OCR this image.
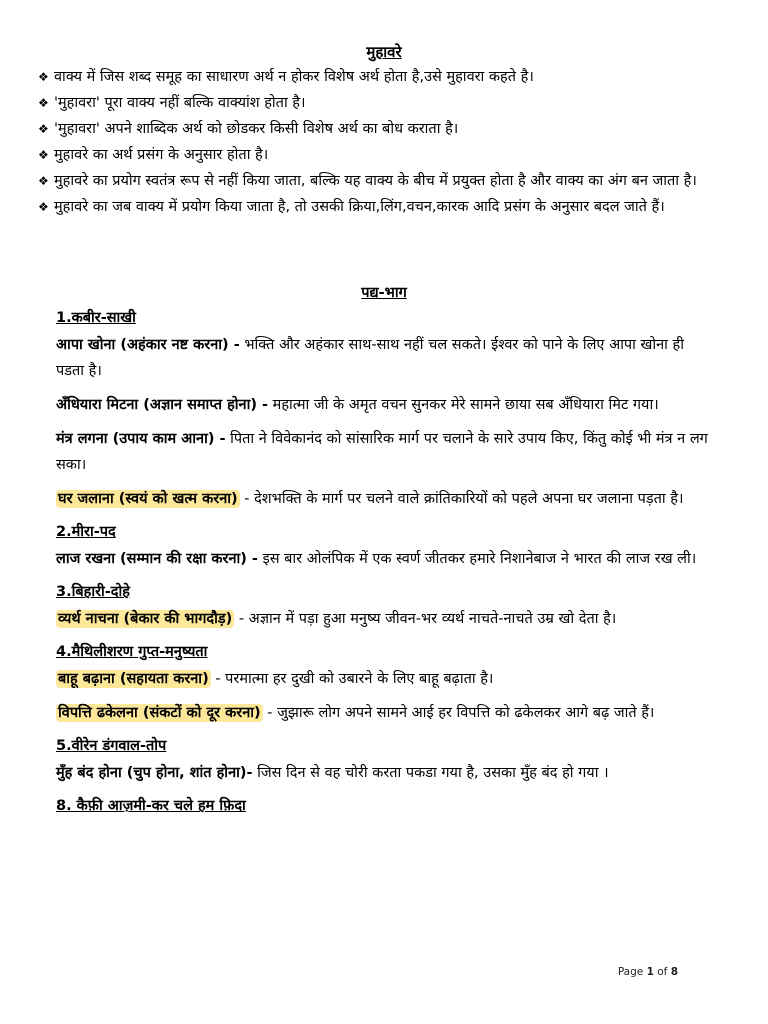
मुहावरे
❖ वाक्य में जिस शब्द समूह का साधारण अर्थ न होकर विशेष अर्थ होता है,उसे मुहावरा कहते है।
❖ 'मुहावरा' पूरा वाक्य नहीं बल्कि वाक्यांश होता है।
❖ 'मुहावरा' अपने शाब्दिक अर्थ को छोडकर किसी विशेष अर्थ का बोध कराता है।
❖ मुहावरे का अर्थ प्रसंग के अनुसार होता है।
❖ मुहावरे का प्रयोग स्वतंत्र रूप से नहीं किया जाता, बल्कि यह वाक्य के बीच में प्रयुक्त होता है और वाक्य का अंग बन जाता है।
❖ मुहावरे का जब वाक्य में प्रयोग किया जाता है, तो उसकी क्रिया,लिंग,वचन,कारक आदि प्रसंग के अनुसार बदल जाते हैं।
पद्य-भाग
1.कबीर-साखी
आपा खोना (अहंकार नष्ट करना) - भक्ति और अहंकार साथ-साथ नहीं चल सकते। ईश्वर को पाने के लिए आपा खोना ही पडता है।
अँधियारा मिटना (अज्ञान समाप्त होना) - महात्मा जी के अमृत वचन सुनकर मेरे सामने छाया सब अँधियारा मिट गया।
मंत्र लगना (उपाय काम आना) - पिता ने विवेकानंद को सांसारिक मार्ग पर चलाने के सारे उपाय किए, किंतु कोई भी मंत्र न लग सका।
घर जलाना (स्वयं को खत्म करना) - देशभक्ति के मार्ग पर चलने वाले क्रांतिकारियों को पहले अपना घर जलाना पड़ता है।
2.मीरा-पद
लाज रखना (सम्मान की रक्षा करना) - इस बार ओलंपिक में एक स्वर्ण जीतकर हमारे निशानेबाज ने भारत की लाज रख ली।
3.बिहारी-दोहे
व्यर्थ नाचना (बेकार की भागदौड़) - अज्ञान में पड़ा हुआ मनुष्य जीवन-भर व्यर्थ नाचते-नाचते उम्र खो देता है।
4.मैथिलीशरण गुप्त-मनुष्यता
बाहू बढ़ाना (सहायता करना) - परमात्मा हर दुखी को उबारने के लिए बाहू बढ़ाता है।
विपत्ति ढकेलना (संकटों को दूर करना) - जुझारू लोग अपने सामने आई हर विपत्ति को ढकेलकर आगे बढ़ जाते हैं।
5.वीरेन डंगवाल-तोप
मुँह बंद होना (चुप होना, शांत होना)- जिस दिन से वह चोरी करता पकडा गया है, उसका मुँह बंद हो गया ।
8. कैफ़ी आज़मी-कर चले हम फ़िदा
Page 1 of 8
